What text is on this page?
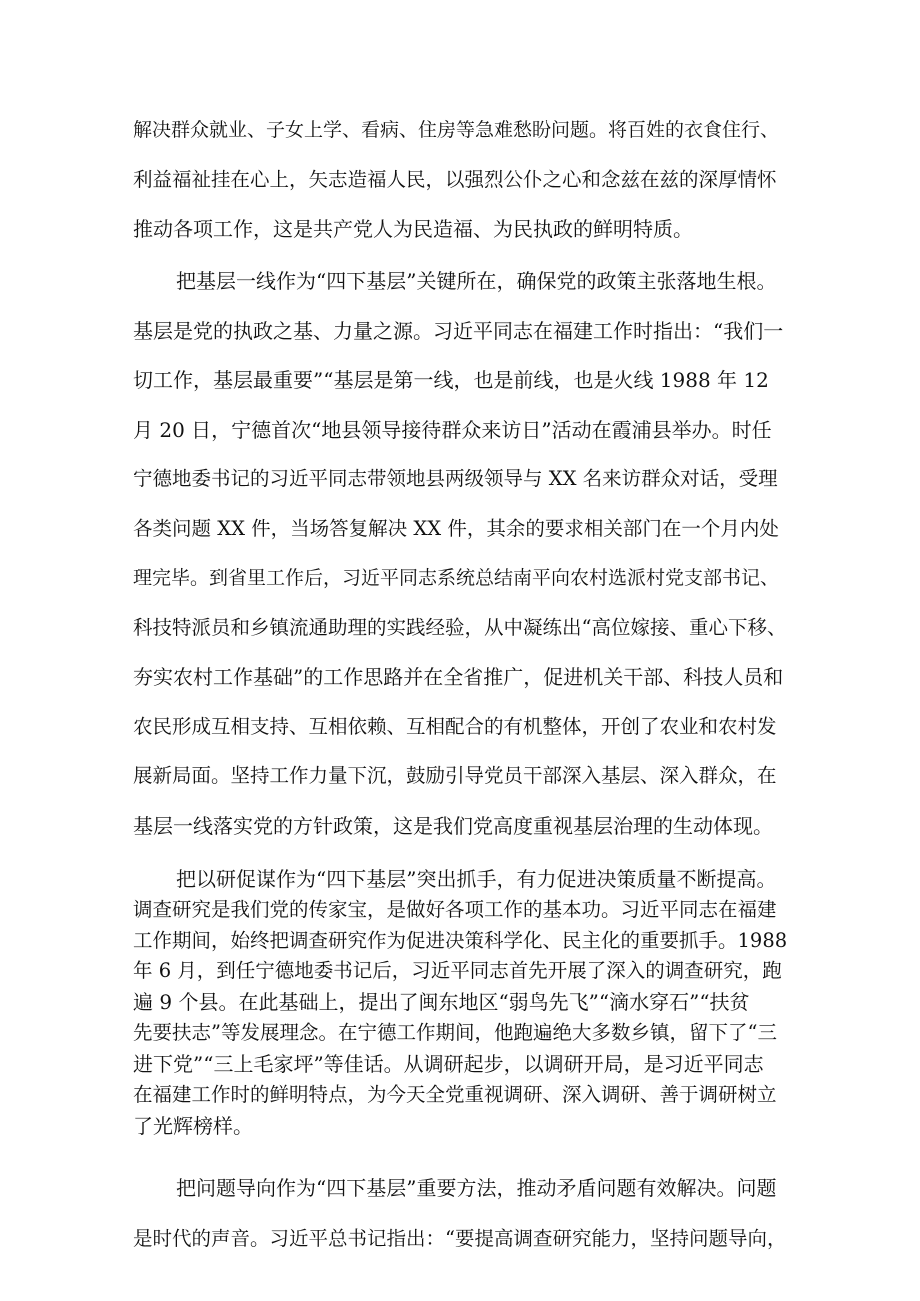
解决群众就业、子女上学、看病、住房等急难愁盼问题。将百姓的衣食住行、
利益福祉挂在心上，矢志造福人民，以强烈公仆之心和念兹在兹的深厚情怀
推动各项工作，这是共产党人为民造福、为民执政的鲜明特质。
把基层一线作为“四下基层”关键所在，确保党的政策主张落地生根。
基层是党的执政之基、力量之源。习近平同志在福建工作时指出：“我们一
切工作，基层最重要”“基层是第一线，也是前线，也是火线 1988 年 12
月 20 日，宁德首次“地县领导接待群众来访日”活动在霞浦县举办。时任
宁德地委书记的习近平同志带领地县两级领导与 XX 名来访群众对话，受理
各类问题 XX 件，当场答复解决 XX 件，其余的要求相关部门在一个月内处
理完毕。到省里工作后，习近平同志系统总结南平向农村选派村党支部书记、
科技特派员和乡镇流通助理的实践经验，从中凝练出“高位嫁接、重心下移、
夯实农村工作基础”的工作思路并在全省推广，促进机关干部、科技人员和
农民形成互相支持、互相依赖、互相配合的有机整体，开创了农业和农村发
展新局面。坚持工作力量下沉，鼓励引导党员干部深入基层、深入群众，在
基层一线落实党的方针政策，这是我们党高度重视基层治理的生动体现。
把以研促谋作为“四下基层”突出抓手，有力促进决策质量不断提高。
调查研究是我们党的传家宝，是做好各项工作的基本功。习近平同志在福建
工作期间，始终把调查研究作为促进决策科学化、民主化的重要抓手。1988
年 6 月，到任宁德地委书记后，习近平同志首先开展了深入的调查研究，跑
遍 9 个县。在此基础上，提出了闽东地区“弱鸟先飞”“滴水穿石”“扶贫
先要扶志”等发展理念。在宁德工作期间，他跑遍绝大多数乡镇，留下了“三
进下党”“三上毛家坪”等佳话。从调研起步，以调研开局，是习近平同志
在福建工作时的鲜明特点，为今天全党重视调研、深入调研、善于调研树立
了光辉榜样。
把问题导向作为“四下基层”重要方法，推动矛盾问题有效解决。问题
是时代的声音。习近平总书记指出：“要提高调查研究能力，坚持问题导向，
